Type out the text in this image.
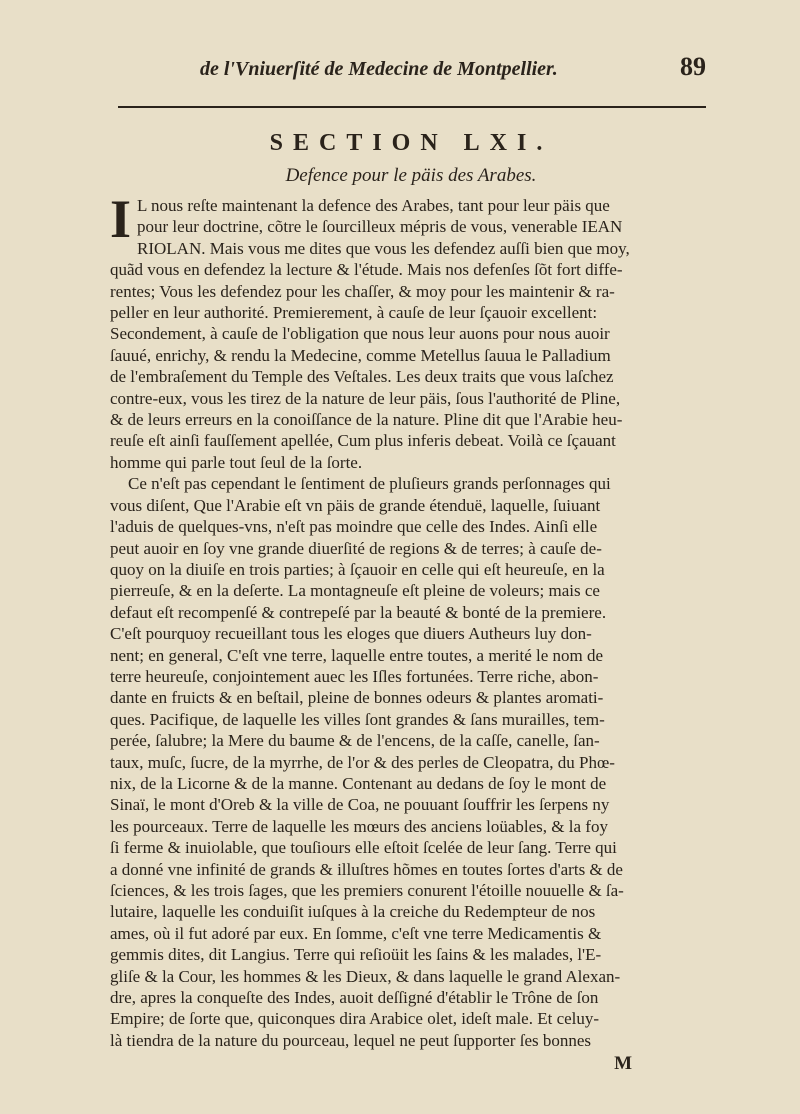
de l'Vniuerſité de Medecine de Montpellier.	89
SECTION LXI.
Defence pour le päis des Arabes.
I L nous reſte maintenant la defence des Arabes, tant pour leur päis que
pour leur doctrine, cõtre le ſourcilleux mépris de vous, venerable IEAN
RIOLAN. Mais vous me dites que vous les defendez auſſi bien que moy,
quãd vous en defendez la lecture & l'étude. Mais nos defenſes ſõt fort diffe-
rentes; Vous les defendez pour les chaſſer, & moy pour les maintenir & ra-
peller en leur authorité. Premierement, à cauſe de leur ſçauoir excellent:
Secondement, à cauſe de l'obligation que nous leur auons pour nous auoir
ſauué, enrichy, & rendu la Medecine, comme Metellus ſauua le Palladium
de l'embraſement du Temple des Veſtales. Les deux traits que vous laſchez
contre-eux, vous les tirez de la nature de leur päis, ſous l'authorité de Pline,
& de leurs erreurs en la conoiſſance de la nature. Pline dit que l'Arabie heu-
reuſe eſt ainſi fauſſement apellée, Cum plus inferis debeat. Voilà ce ſçauant
homme qui parle tout ſeul de la ſorte.
Ce n'eſt pas cependant le ſentiment de pluſieurs grands perſonnages qui
vous diſent, Que l'Arabie eſt vn päis de grande étenduë, laquelle, ſuiuant
l'aduis de quelques-vns, n'eſt pas moindre que celle des Indes. Ainſi elle
peut auoir en ſoy vne grande diuerſité de regions & de terres; à cauſe de-
quoy on la diuiſe en trois parties; à ſçauoir en celle qui eſt heureuſe, en la
pierreuſe, & en la deſerte. La montagneuſe eſt pleine de voleurs; mais ce
defaut eſt recompenſé & contrepeſé par la beauté & bonté de la premiere.
C'eſt pourquoy recueillant tous les eloges que diuers Autheurs luy don-
nent; en general, C'eſt vne terre, laquelle entre toutes, a merité le nom de
terre heureuſe, conjointement auec les Iſles fortunées. Terre riche, abon-
dante en fruicts & en beſtail, pleine de bonnes odeurs & plantes aromati-
ques. Pacifique, de laquelle les villes ſont grandes & ſans murailles, tem-
perée, ſalubre; la Mere du baume & de l'encens, de la caſſe, canelle, ſan-
taux, muſc, ſucre, de la myrrhe, de l'or & des perles de Cleopatra, du Phœ-
nix, de la Licorne & de la manne. Contenant au dedans de ſoy le mont de
Sinaï, le mont d'Oreb & la ville de Coa, ne pouuant ſouffrir les ſerpens ny
les pourceaux. Terre de laquelle les mœurs des anciens loüables, & la foy
ſi ferme & inuiolable, que touſiours elle eſtoit ſcelée de leur ſang. Terre qui
a donné vne infinité de grands & illuſtres hõmes en toutes ſortes d'arts & de
ſciences, & les trois ſages, que les premiers conurent l'étoille nouuelle & ſa-
lutaire, laquelle les conduiſit iuſques à la creiche du Redempteur de nos
ames, où il fut adoré par eux. En ſomme, c'eſt vne terre Medicamentis &
gemmis dites, dit Langius. Terre qui reſioüit les ſains & les malades, l'E-
gliſe & la Cour, les hommes & les Dieux, & dans laquelle le grand Alexan-
dre, apres la conqueſte des Indes, auoit deſſigné d'établir le Trône de ſon
Empire; de ſorte que, quiconques dira Arabice olet, ideſt male. Et celuy-
là tiendra de la nature du pourceau, lequel ne peut ſupporter ſes bonnes
M
